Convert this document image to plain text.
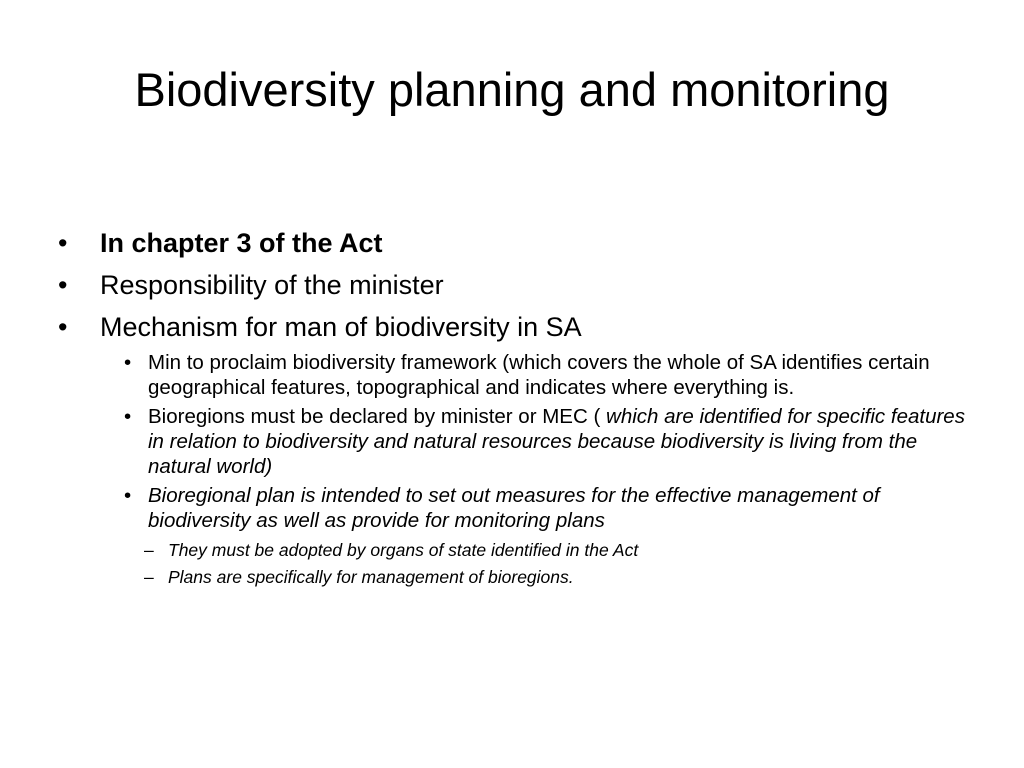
Biodiversity planning and monitoring
• In chapter 3 of the Act
• Responsibility of the minister
• Mechanism for man of biodiversity in SA
• Min to proclaim biodiversity framework (which covers the whole of SA identifies certain geographical features, topographical and indicates where everything is.
• Bioregions must be declared by minister or MEC ( which are identified for specific features in relation to biodiversity and natural resources because biodiversity is living from the natural world)
• Bioregional plan is intended to set out measures for the effective management of biodiversity as well as provide for monitoring plans
– They must be adopted by organs of state identified in the Act
– Plans are specifically for management of bioregions.
